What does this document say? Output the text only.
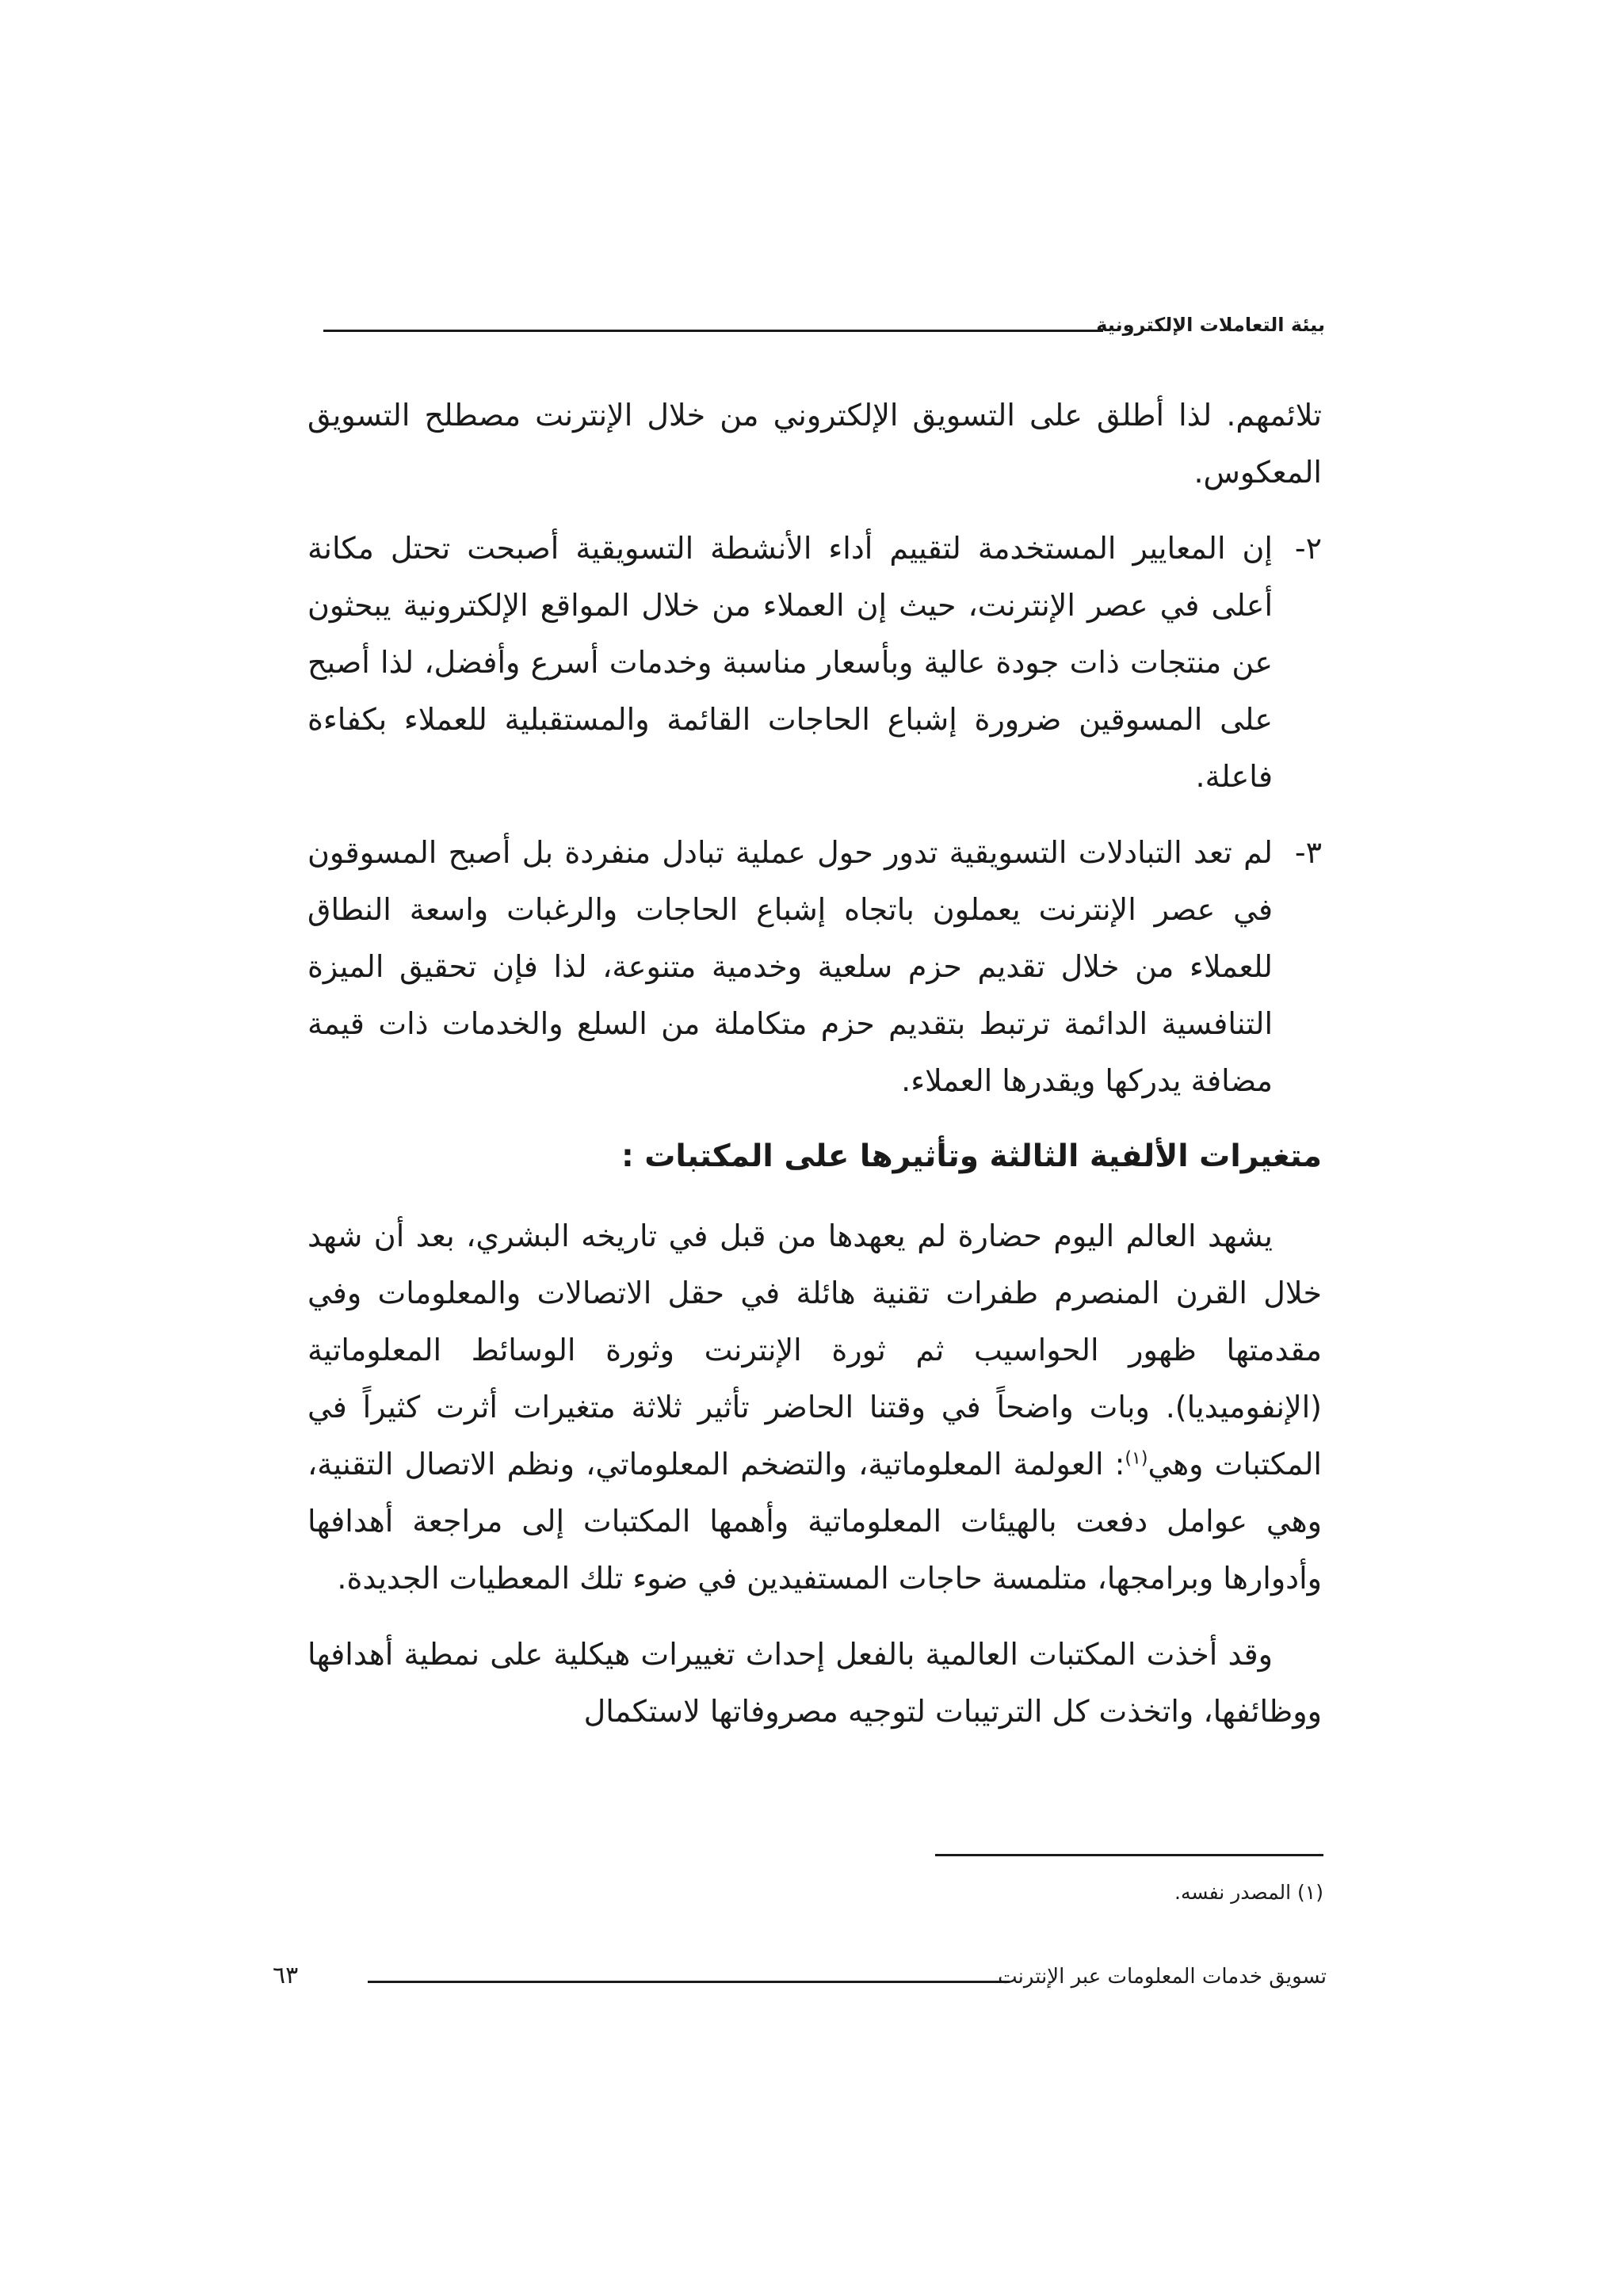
بيئة التعاملات الإلكترونية

تلائمهم. لذا أطلق على التسويق الإلكتروني من خلال الإنترنت مصطلح التسويق المعكوس.

٢-
إن المعايير المستخدمة لتقييم أداء الأنشطة التسويقية أصبحت تحتل مكانة أعلى في عصر الإنترنت، حيث إن العملاء من خلال المواقع الإلكترونية يبحثون عن منتجات ذات جودة عالية وبأسعار مناسبة وخدمات أسرع وأفضل، لذا أصبح على المسوقين ضرورة إشباع الحاجات القائمة والمستقبلية للعملاء بكفاءة فاعلة.

٣-
لم تعد التبادلات التسويقية تدور حول عملية تبادل منفردة بل أصبح المسوقون في عصر الإنترنت يعملون باتجاه إشباع الحاجات والرغبات واسعة النطاق للعملاء من خلال تقديم حزم سلعية وخدمية متنوعة، لذا فإن تحقيق الميزة التنافسية الدائمة ترتبط بتقديم حزم متكاملة من السلع والخدمات ذات قيمة مضافة يدركها ويقدرها العملاء.

متغيرات الألفية الثالثة وتأثيرها على المكتبات :

يشهد العالم اليوم حضارة لم يعهدها من قبل في تاريخه البشري، بعد أن شهد خلال القرن المنصرم طفرات تقنية هائلة في حقل الاتصالات والمعلومات وفي مقدمتها ظهور الحواسيب ثم ثورة الإنترنت وثورة الوسائط المعلوماتية (الإنفوميديا). وبات واضحاً في وقتنا الحاضر تأثير ثلاثة متغيرات أثرت كثيراً في المكتبات وهي$^{(١)}$: العولمة المعلوماتية، والتضخم المعلوماتي، ونظم الاتصال التقنية، وهي عوامل دفعت بالهيئات المعلوماتية وأهمها المكتبات إلى مراجعة أهدافها وأدوارها وبرامجها، متلمسة حاجات المستفيدين في ضوء تلك المعطيات الجديدة.

وقد أخذت المكتبات العالمية بالفعل إحداث تغييرات هيكلية على نمطية أهدافها ووظائفها، واتخذت كل الترتيبات لتوجيه مصروفاتها لاستكمال

(١) المصدر نفسه.
تسويق خدمات المعلومات عبر الإنترنت
٦٣
